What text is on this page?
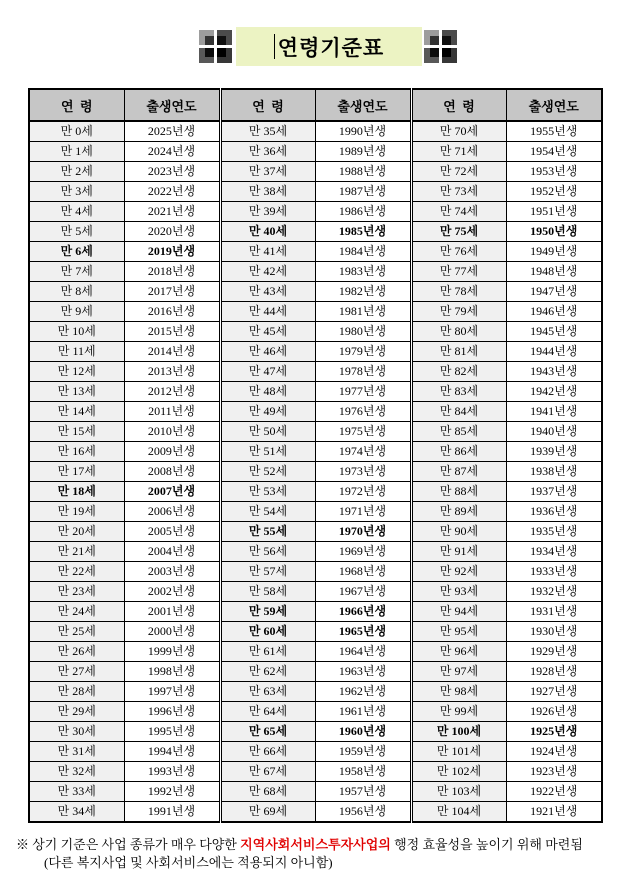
연령기준표
연  령	출생연도	연  령	출생연도	연  령	출생연도
만 0세	2025년생	만 35세	1990년생	만 70세	1955년생
만 1세	2024년생	만 36세	1989년생	만 71세	1954년생
만 2세	2023년생	만 37세	1988년생	만 72세	1953년생
만 3세	2022년생	만 38세	1987년생	만 73세	1952년생
만 4세	2021년생	만 39세	1986년생	만 74세	1951년생
만 5세	2020년생	만 40세	1985년생	만 75세	1950년생
만 6세	2019년생	만 41세	1984년생	만 76세	1949년생
만 7세	2018년생	만 42세	1983년생	만 77세	1948년생
만 8세	2017년생	만 43세	1982년생	만 78세	1947년생
만 9세	2016년생	만 44세	1981년생	만 79세	1946년생
만 10세	2015년생	만 45세	1980년생	만 80세	1945년생
만 11세	2014년생	만 46세	1979년생	만 81세	1944년생
만 12세	2013년생	만 47세	1978년생	만 82세	1943년생
만 13세	2012년생	만 48세	1977년생	만 83세	1942년생
만 14세	2011년생	만 49세	1976년생	만 84세	1941년생
만 15세	2010년생	만 50세	1975년생	만 85세	1940년생
만 16세	2009년생	만 51세	1974년생	만 86세	1939년생
만 17세	2008년생	만 52세	1973년생	만 87세	1938년생
만 18세	2007년생	만 53세	1972년생	만 88세	1937년생
만 19세	2006년생	만 54세	1971년생	만 89세	1936년생
만 20세	2005년생	만 55세	1970년생	만 90세	1935년생
만 21세	2004년생	만 56세	1969년생	만 91세	1934년생
만 22세	2003년생	만 57세	1968년생	만 92세	1933년생
만 23세	2002년생	만 58세	1967년생	만 93세	1932년생
만 24세	2001년생	만 59세	1966년생	만 94세	1931년생
만 25세	2000년생	만 60세	1965년생	만 95세	1930년생
만 26세	1999년생	만 61세	1964년생	만 96세	1929년생
만 27세	1998년생	만 62세	1963년생	만 97세	1928년생
만 28세	1997년생	만 63세	1962년생	만 98세	1927년생
만 29세	1996년생	만 64세	1961년생	만 99세	1926년생
만 30세	1995년생	만 65세	1960년생	만 100세	1925년생
만 31세	1994년생	만 66세	1959년생	만 101세	1924년생
만 32세	1993년생	만 67세	1958년생	만 102세	1923년생
만 33세	1992년생	만 68세	1957년생	만 103세	1922년생
만 34세	1991년생	만 69세	1956년생	만 104세	1921년생
※ 상기 기준은 사업 종류가 매우 다양한 지역사회서비스투자사업의 행정 효율성을 높이기 위해 마련됨
(다른 복지사업 및 사회서비스에는 적용되지 아니함)
